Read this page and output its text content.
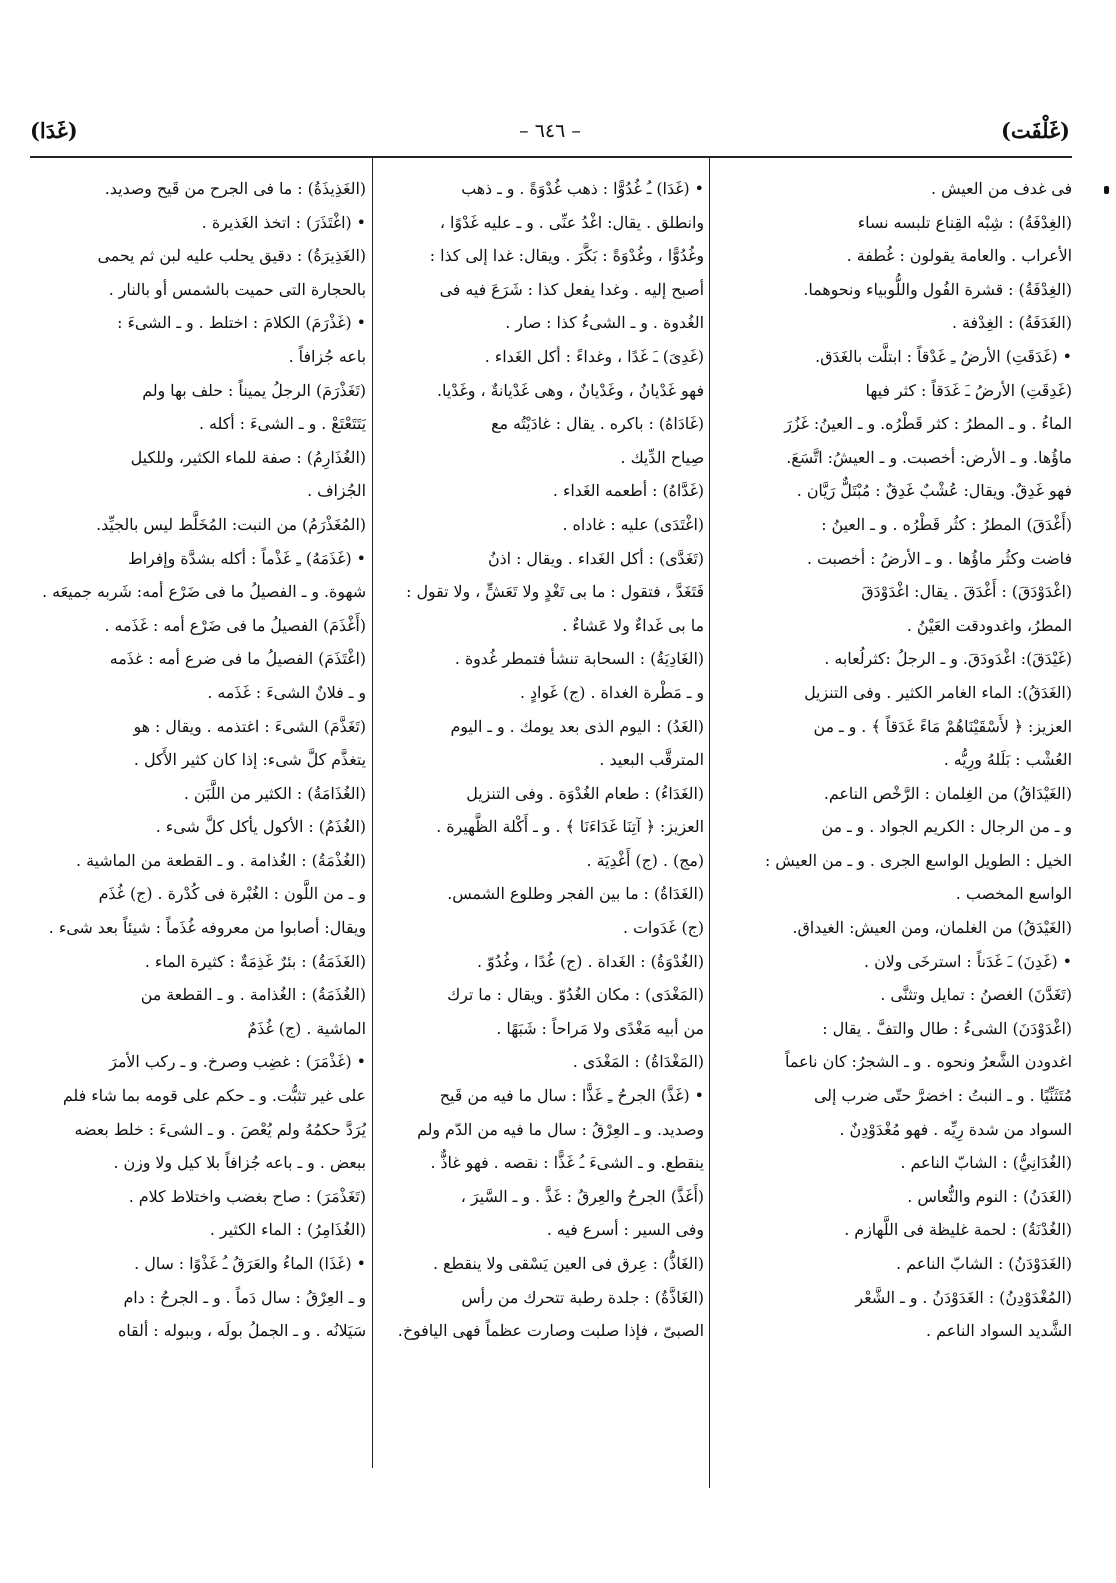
(غَلْفَت)
– ٦٤٦ –
(غَدَا)
فى غدف من العيش .
(الغِدْفَةُ) : شِبْه القِناع تلبسه نساء
الأعراب . والعامة يقولون : غُطفة .
(الغِدْفَةُ) : قشرة الفُول واللُّوبياء ونحوهما.
(الغَدَفَةُ) : الغِدْفة .
• (غَدَقَتِ) الأرضُ ـِ غَدْقاً : ابتلَّت بالغَدَق.
(غَدِقَتِ) الأرضُ ـَ غَدَقاً : كثر فيها
الماءُ . و ـ المطرُ : كثر قَطْرُه. و ـ العينُ: غَزُرَ
ماؤُها. و ـ الأرض: أخصبت. و ـ العيشُ: اتَّسَعَ.
فهو غَدِقٌ. ويقال: عُشْبٌ غَدِقٌ : مُبْتَلٌّ رَيَّان .
(أَغْدَقَ) المطرُ : كثُر قَطْرُه . و ـ العينُ :
فاضت وكثُر ماؤُها . و ـ الأرضُ : أخصبت .
(اغْدَوْدَقَ) : أَغْدَقَ . يقال: اغْدَوْدَقَ
المطرُ، واغدودقت العَيْنُ .
(غَيْدَقَ): اغْدَودَقَ. و ـ الرجلُ :كثرلُعابه .
(الغَدَقُ): الماء الغامر الكثير . وفى التنزيل
العزيز: ﴿ لأَسْقَيْنَاهُمْ مَاءً غَدَقاً ﴾ . و ـ من
العُشْب : بَلَلهُ ورِيُّه .
(الغَيْدَاقُ) من الغِلمان : الرَّخْص الناعم.
و ـ من الرجال : الكريم الجواد . و ـ من
الخيل : الطويل الواسع الجرى . و ـ من العيش :
الواسع المخصب .
(الغَيْدَقُ) من الغلمان، ومن العيش: الغيداق.
• (غَدِنَ) ـَ غَدَناً : استرخَى ولان .
(تَغَدَّنَ) الغصنُ : تمايل وتثنَّى .
(اغْدَوْدَنَ) الشىءُ : طال والتفَّ . يقال :
اغدودن الشَّعرُ ونحوه . و ـ الشجرُ: كان ناعماً
مُتَثَنِّيًا . و ـ النبتُ : اخضرَّ حتّى ضرب إلى
السواد من شدة رِيِّه . فهو مُغْدَوْدِنٌ .
(الغُدَانِيُّ) : الشابّ الناعم .
(الغَدَنُ) : النوم والنُّعاس .
(الغُدْنَةُ) : لحمة غليظة فى اللَّهازم .
(الغَدَوْدَنُ) : الشابّ الناعم .
(المُغْدَوْدِنُ) : الغَدَوْدَنُ . و ـ الشَّعْر
الشَّديد السواد الناعم .
• (غَدَا) ـُ غُدُوًّا : ذهب غُدْوَةً . و ـ ذهب
وانطلق . يقال: اغْدُ عنِّى . و ـ عليه غَدْوًا ،
وغُدُوًّا ، وغُدْوَةً : بَكَّرَ . ويقال: غدا إلى كذا :
أصبح إليه . وغدا يفعل كذا : شَرَعَ فيه فى
الغُدوة . و ـ الشىءُ كذا : صار .
(غَدِىَ) ـَ غَدًا ، وغداءً : أكل الغَداء .
فهو غَدْيانُ ، وغَدْيانٌ ، وهى غَدْيانةٌ ، وغَدْيا.
(غَادَاهُ) : باكره . يقال : غادَيْتُه مع
صِياح الدِّيك .
(غَدَّاهُ) : أطعمه الغَداء .
(اغْتَدَى) عليه : غاداه .
(تَغَدَّى) : أكل الغَداء . ويقال : اذنُ
فَتَغَدَّ ، فتقول : ما بى تَغْدٍ ولا تَعَشٍّ ، ولا تقول :
ما بى غَداءٌ ولا عَشاءٌ .
(الغَادِيَةُ) : السحابة تنشأ فتمطر غُدوة .
و ـ مَطْرة الغداة . (ج) غَوادٍ .
(الغَدُ) : اليوم الذى بعد يومك . و ـ اليوم
المترقَّب البعيد .
(الغَدَاءُ) : طعام الغُدْوَة . وفى التنزيل
العزيز: ﴿ آتِنَا غَدَاءَنَا ﴾ . و ـ أَكْلة الظَّهيرة .
(مج) . (ج) أَغْدِيَة .
(الغَدَاةُ) : ما بين الفجر وطلوع الشمس.
(ج) غَدَوات .
(الغُدْوَةُ) : الغَداة . (ج) غُدًا ، وغُدُوّ .
(المَغْدَى) : مكان الغُدُوّ . ويقال : ما ترك
من أبيه مَغْدًى ولا مَراحاً : شَبَهًا .
(المَغْدَاةُ) : المَغْدَى .
• (غَذَّ) الجرحُ ـِ غَذًّا : سال ما فيه من قَيح
وصديد. و ـ العِرْقُ : سال ما فيه من الدّم ولم
ينقطع. و ـ الشىءَ ـُ غَذًّا : نقصه . فهو غاذٌّ .
(أَغَذَّ) الجرحُ والعِرقُ : غَذَّ . و ـ السَّيرَ ،
وفى السير : أسرع فيه .
(الغَاذُّ) : عِرق فى العين يَسْقى ولا ينقطع .
(الغَاذَّةُ) : جلدة رطبة تتحرك من رأس
الصبىّ ، فإذا صلبت وصارت عظماً فهى اليافوخ.
(الغَذِيذَةُ) : ما فى الجرح من قَيح وصديد.
• (اغْتَذَرَ) : اتخذ الغَذيرة .
(الغَذِيرَةُ) : دقيق يحلب عليه لبن ثم يحمى
بالحجارة التى حميت بالشمس أو بالنار .
• (غَذْرَمَ) الكلامَ : اختلط . و ـ الشىءَ :
باعه جُزافاً .
(تَغَذْرَمَ) الرجلُ يميناً : حلف بها ولم
يَتَتَعْتَعْ . و ـ الشىءَ : أكله .
(الغُذَارِمُ) : صفة للماء الكثير، وللكيل
الجُزاف .
(المُغَذْرَمُ) من النبت: المُخَلَّط ليس بالجيِّد.
• (غَذَمَهُ) ـِ غَذْماً : أكله بشدَّة وإفراط
شهوة. و ـ الفصيلُ ما فى ضَرْع أمه: شَربه جميعَه .
(أَغْذَمَ) الفصيلُ ما فى ضَرْع أمه : غَذَمه .
(اغْتَذَمَ) الفصيلُ ما فى ضرع أمه : غذَمه
و ـ فلانٌ الشىءَ : غَذَمه .
(تَغَذَّمَ) الشىءَ : اغتذمه . ويقال : هو
يتغذَّم كلَّ شىء: إذا كان كثير الأَكل .
(الغُذَامَةُ) : الكثير من اللَّبَن .
(الغُذَمُ) : الأكول يأكل كلَّ شىء .
(الغُذْمَةُ) : الغُذامة . و ـ القطعة من الماشية .
و ـ من اللَّون : الغُبْرة فى كُدْرة . (ج) غُذَم
ويقال: أصابوا من معروفه غُذَماً : شيئاً بعد شىء .
(الغَذَمَةُ) : بئرٌ غَذِمَةٌ : كثيرة الماء .
(الغُذَمَةُ) : الغُذامة . و ـ القطعة من
الماشية . (ج) غُذَمٌ
• (غَذْمَرَ) : غضِب وصرخ. و ـ ركب الأمرَ
على غير تثبُّت. و ـ حكم على قومه بما شاء فلم
يُرَدَّ حكمُهُ ولم يُعْصَ . و ـ الشىءَ : خلط بعضه
ببعض . و ـ باعه جُزافاً بلا كيل ولا وزن .
(تَغَذْمَرَ) : صاح بغضب واختلاط كلام .
(الغُذَامِرُ) : الماء الكثير .
• (غَذَا) الماءُ والعَرَقُ ـُ غَذْوًا : سال .
و ـ العِرْقُ : سال دَماً . و ـ الجرحُ : دام
سَيَلانُه . و ـ الجملُ بولَه ، وببوله : ألقاه
